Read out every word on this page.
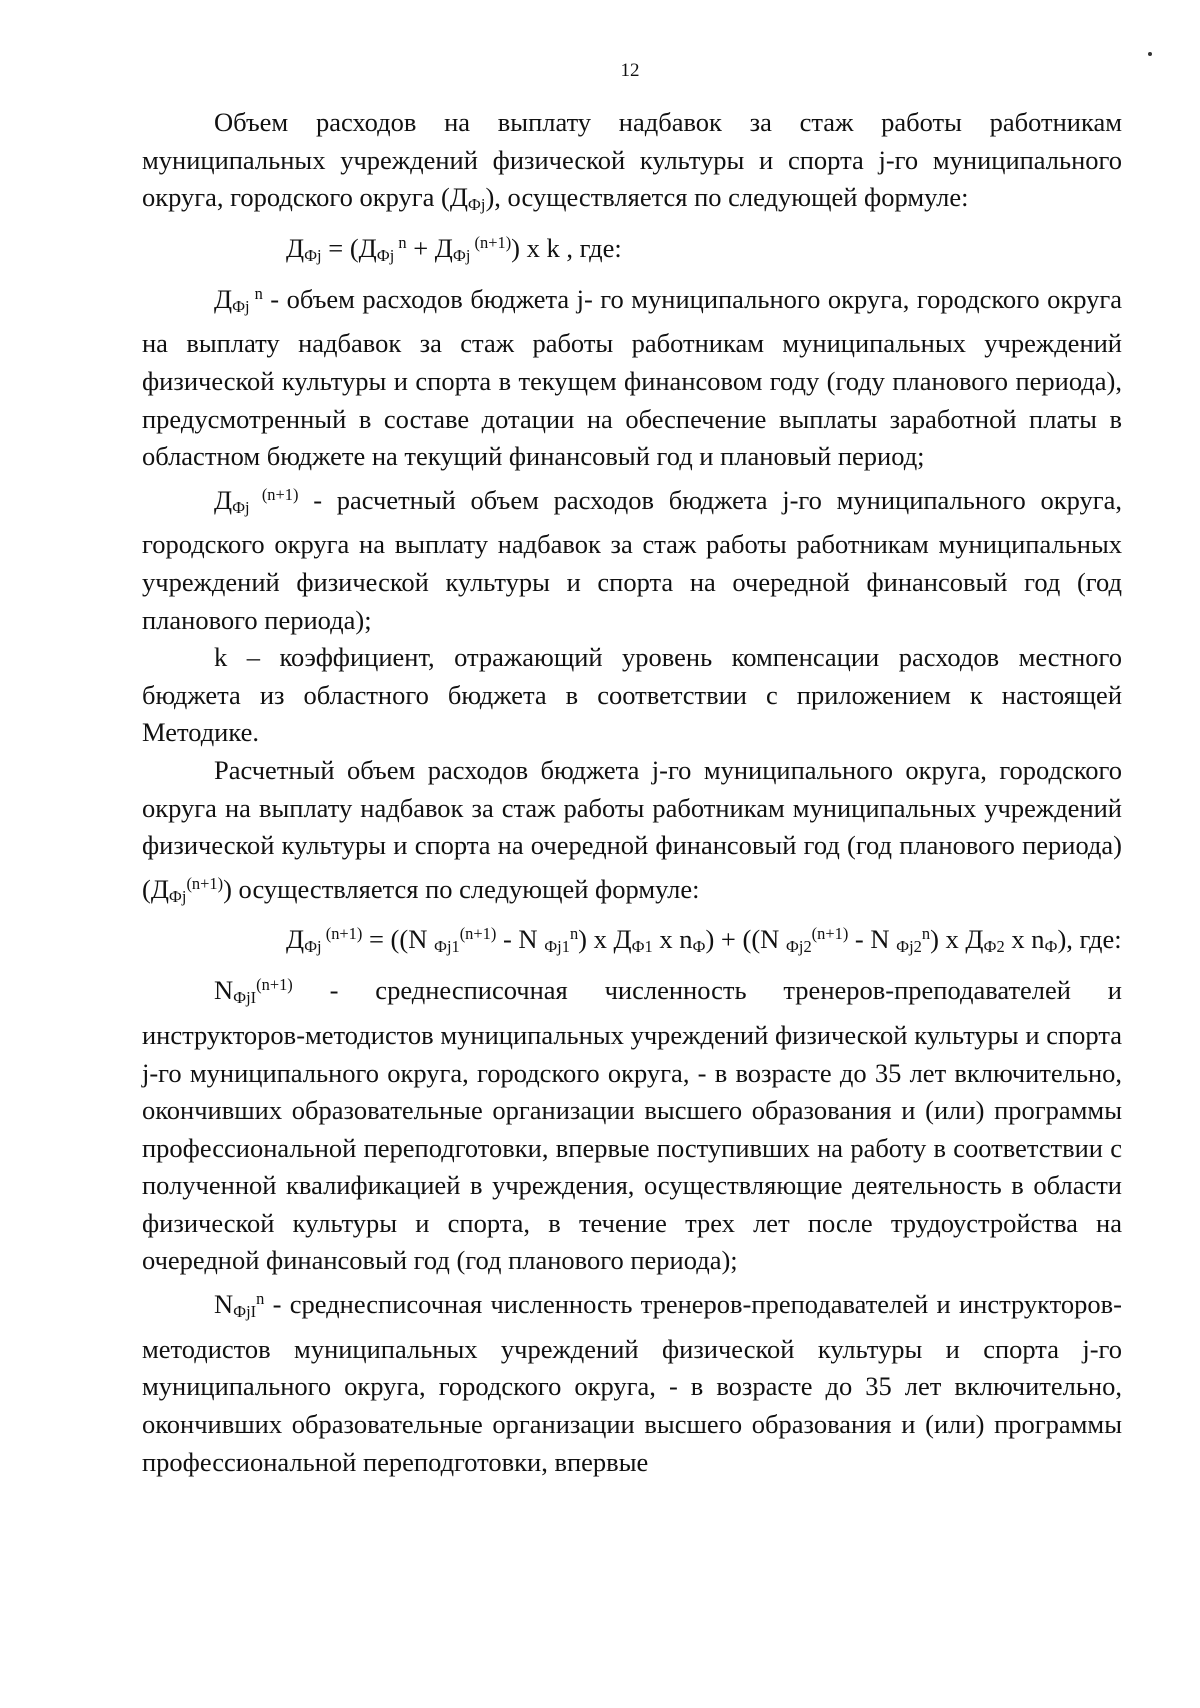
12

Объем расходов на выплату надбавок за стаж работы работникам муниципальных учреждений физической культуры и спорта j-го муниципального округа, городского округа $(Д_{Фj})$, осуществляется по следующей формуле:

$Д_{Фj} = (Д_{Фj}$ $^n + Д_{Фj}$ $^{(n+1)}$) х k , где:

$Д_{Фj}$ $^n$ - объем расходов бюджета j- го муниципального округа, городского округа на выплату надбавок за стаж работы работникам муниципальных учреждений физической культуры и спорта в текущем финансовом году (году планового периода), предусмотренный в составе дотации на обеспечение выплаты заработной платы в областном бюджете на текущий финансовый год и плановый период;

$Д_{Фj}$ $^{(n+1)}$ - расчетный объем расходов бюджета j-го муниципального округа, городского округа на выплату надбавок за стаж работы работникам муниципальных учреждений физической культуры и спорта на очередной финансовый год (год планового периода);

k – коэффициент, отражающий уровень компенсации расходов местного бюджета из областного бюджета в соответствии с приложением к настоящей Методике.

Расчетный объем расходов бюджета j-го муниципального округа, городского округа на выплату надбавок за стаж работы работникам муниципальных учреждений физической культуры и спорта на очередной финансовый год (год планового периода) $(Д_{Фj}^{(n+1)})$ осуществляется по следующей формуле:

$Д_{Фj}$ $^{(n+1)}$ = ((N $_{Фj1}^{(n+1)}$ - N $_{Фj1}^n$) х $Д_{Ф1}$ х $n_Ф) + ((N$ $_{Фj2}^{(n+1)}$ - N $_{Фj2}^n$) х $Д_{Ф2}$ х $n_Ф$), где:

$N_{ФjI}^{(n+1)}$ - среднесписочная численность тренеров-преподавателей и инструкторов-методистов муниципальных учреждений физической культуры и спорта j-го муниципального округа, городского округа, - в возрасте до 35 лет включительно, окончивших образовательные организации высшего образования и (или) программы профессиональной переподготовки, впервые поступивших на работу в соответствии с полученной квалификацией в учреждения, осуществляющие деятельность в области физической культуры и спорта, в течение трех лет после трудоустройства на очередной финансовый год (год планового периода);

$N_{ФjI}^n$ - среднесписочная численность тренеров-преподавателей и инструкторов-методистов муниципальных учреждений физической культуры и спорта j-го муниципального округа, городского округа, - в возрасте до 35 лет включительно, окончивших образовательные организации высшего образования и (или) программы профессиональной переподготовки, впервые
